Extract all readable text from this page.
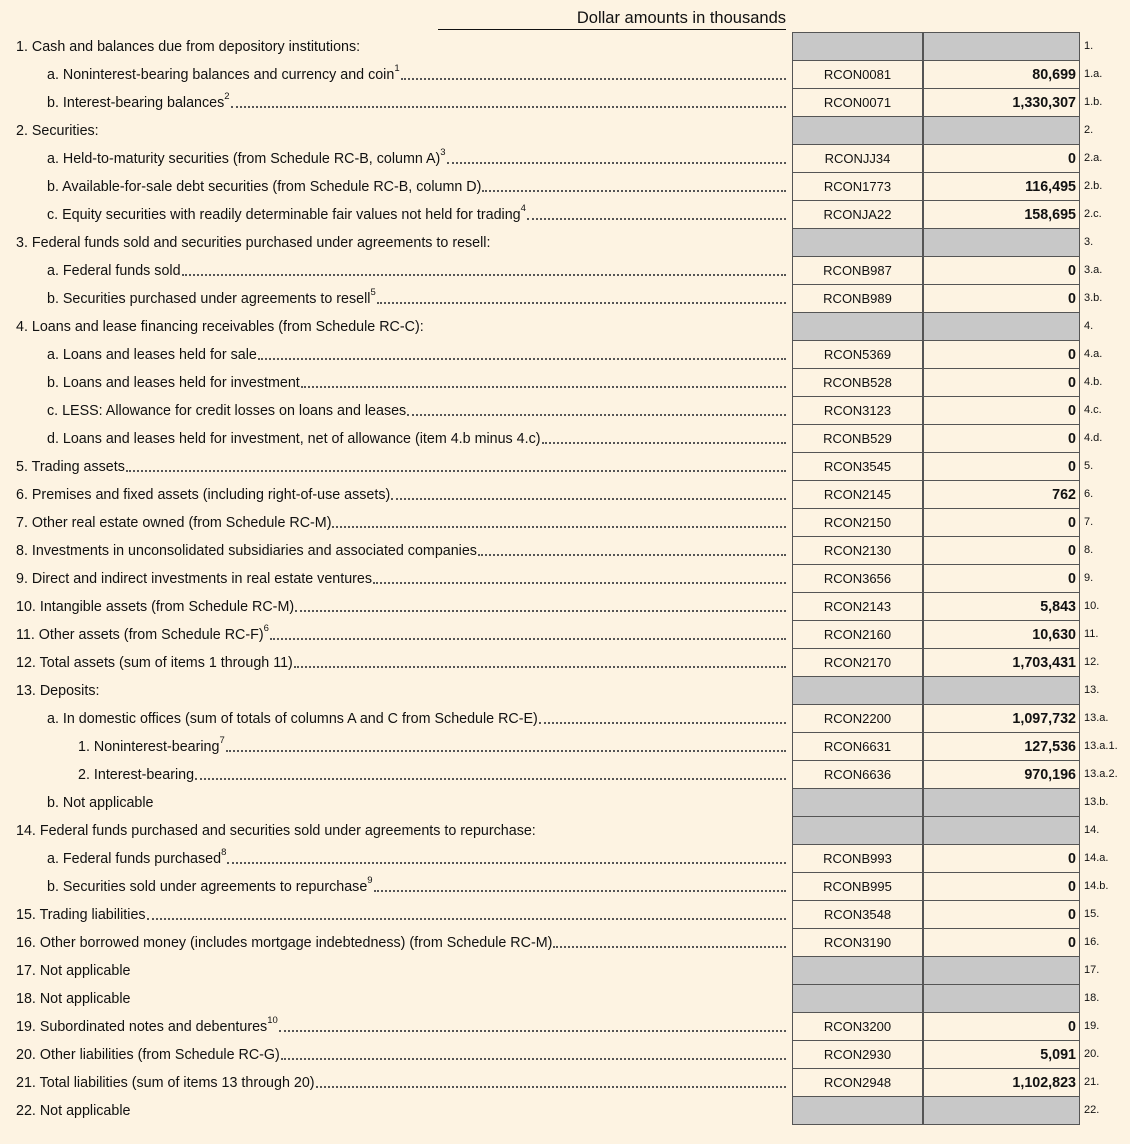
Dollar amounts in thousands
1. Cash and balances due from depository institutions:	1.
a. Noninterest-bearing balances and currency and coin$^1$	RCON0081	80,699 1.a.
b. Interest-bearing balances$^2$	RCON0071	1,330,307 1.b.
2. Securities:	2.
a. Held-to-maturity securities (from Schedule RC-B, column A)$^3$	RCONJJ34	0 2.a.
b. Available-for-sale debt securities (from Schedule RC-B, column D)	RCON1773	116,495 2.b.
c. Equity securities with readily determinable fair values not held for trading$^4$	RCONJA22	158,695 2.c.
3. Federal funds sold and securities purchased under agreements to resell:	3.
a. Federal funds sold	RCONB987	0 3.a.
b. Securities purchased under agreements to resell$^5$	RCONB989	0 3.b.
4. Loans and lease financing receivables (from Schedule RC-C):	4.
a. Loans and leases held for sale	RCON5369	0 4.a.
b. Loans and leases held for investment	RCONB528	0 4.b.
c. LESS: Allowance for credit losses on loans and leases	RCON3123	0 4.c.
d. Loans and leases held for investment, net of allowance (item 4.b minus 4.c)	RCONB529	0 4.d.
5. Trading assets	RCON3545	0 5.
6. Premises and fixed assets (including right-of-use assets)	RCON2145	762 6.
7. Other real estate owned (from Schedule RC-M)	RCON2150	0 7.
8. Investments in unconsolidated subsidiaries and associated companies	RCON2130	0 8.
9. Direct and indirect investments in real estate ventures	RCON3656	0 9.
10. Intangible assets (from Schedule RC-M)	RCON2143	5,843 10.
11. Other assets (from Schedule RC-F)$^6$	RCON2160	10,630 11.
12. Total assets (sum of items 1 through 11)	RCON2170	1,703,431 12.
13. Deposits:	13.
a. In domestic offices (sum of totals of columns A and C from Schedule RC-E)	RCON2200	1,097,732 13.a.
1. Noninterest-bearing$^7$	RCON6631	127,536 13.a.1.
2. Interest-bearing	RCON6636	970,196 13.a.2.
b. Not applicable	13.b.
14. Federal funds purchased and securities sold under agreements to repurchase:	14.
a. Federal funds purchased$^8$	RCONB993	0 14.a.
b. Securities sold under agreements to repurchase$^9$	RCONB995	0 14.b.
15. Trading liabilities	RCON3548	0 15.
16. Other borrowed money (includes mortgage indebtedness) (from Schedule RC-M)	RCON3190	0 16.
17. Not applicable	17.
18. Not applicable	18.
19. Subordinated notes and debentures$^{10}$	RCON3200	0 19.
20. Other liabilities (from Schedule RC-G)	RCON2930	5,091 20.
21. Total liabilities (sum of items 13 through 20)	RCON2948	1,102,823 21.
22. Not applicable	22.
